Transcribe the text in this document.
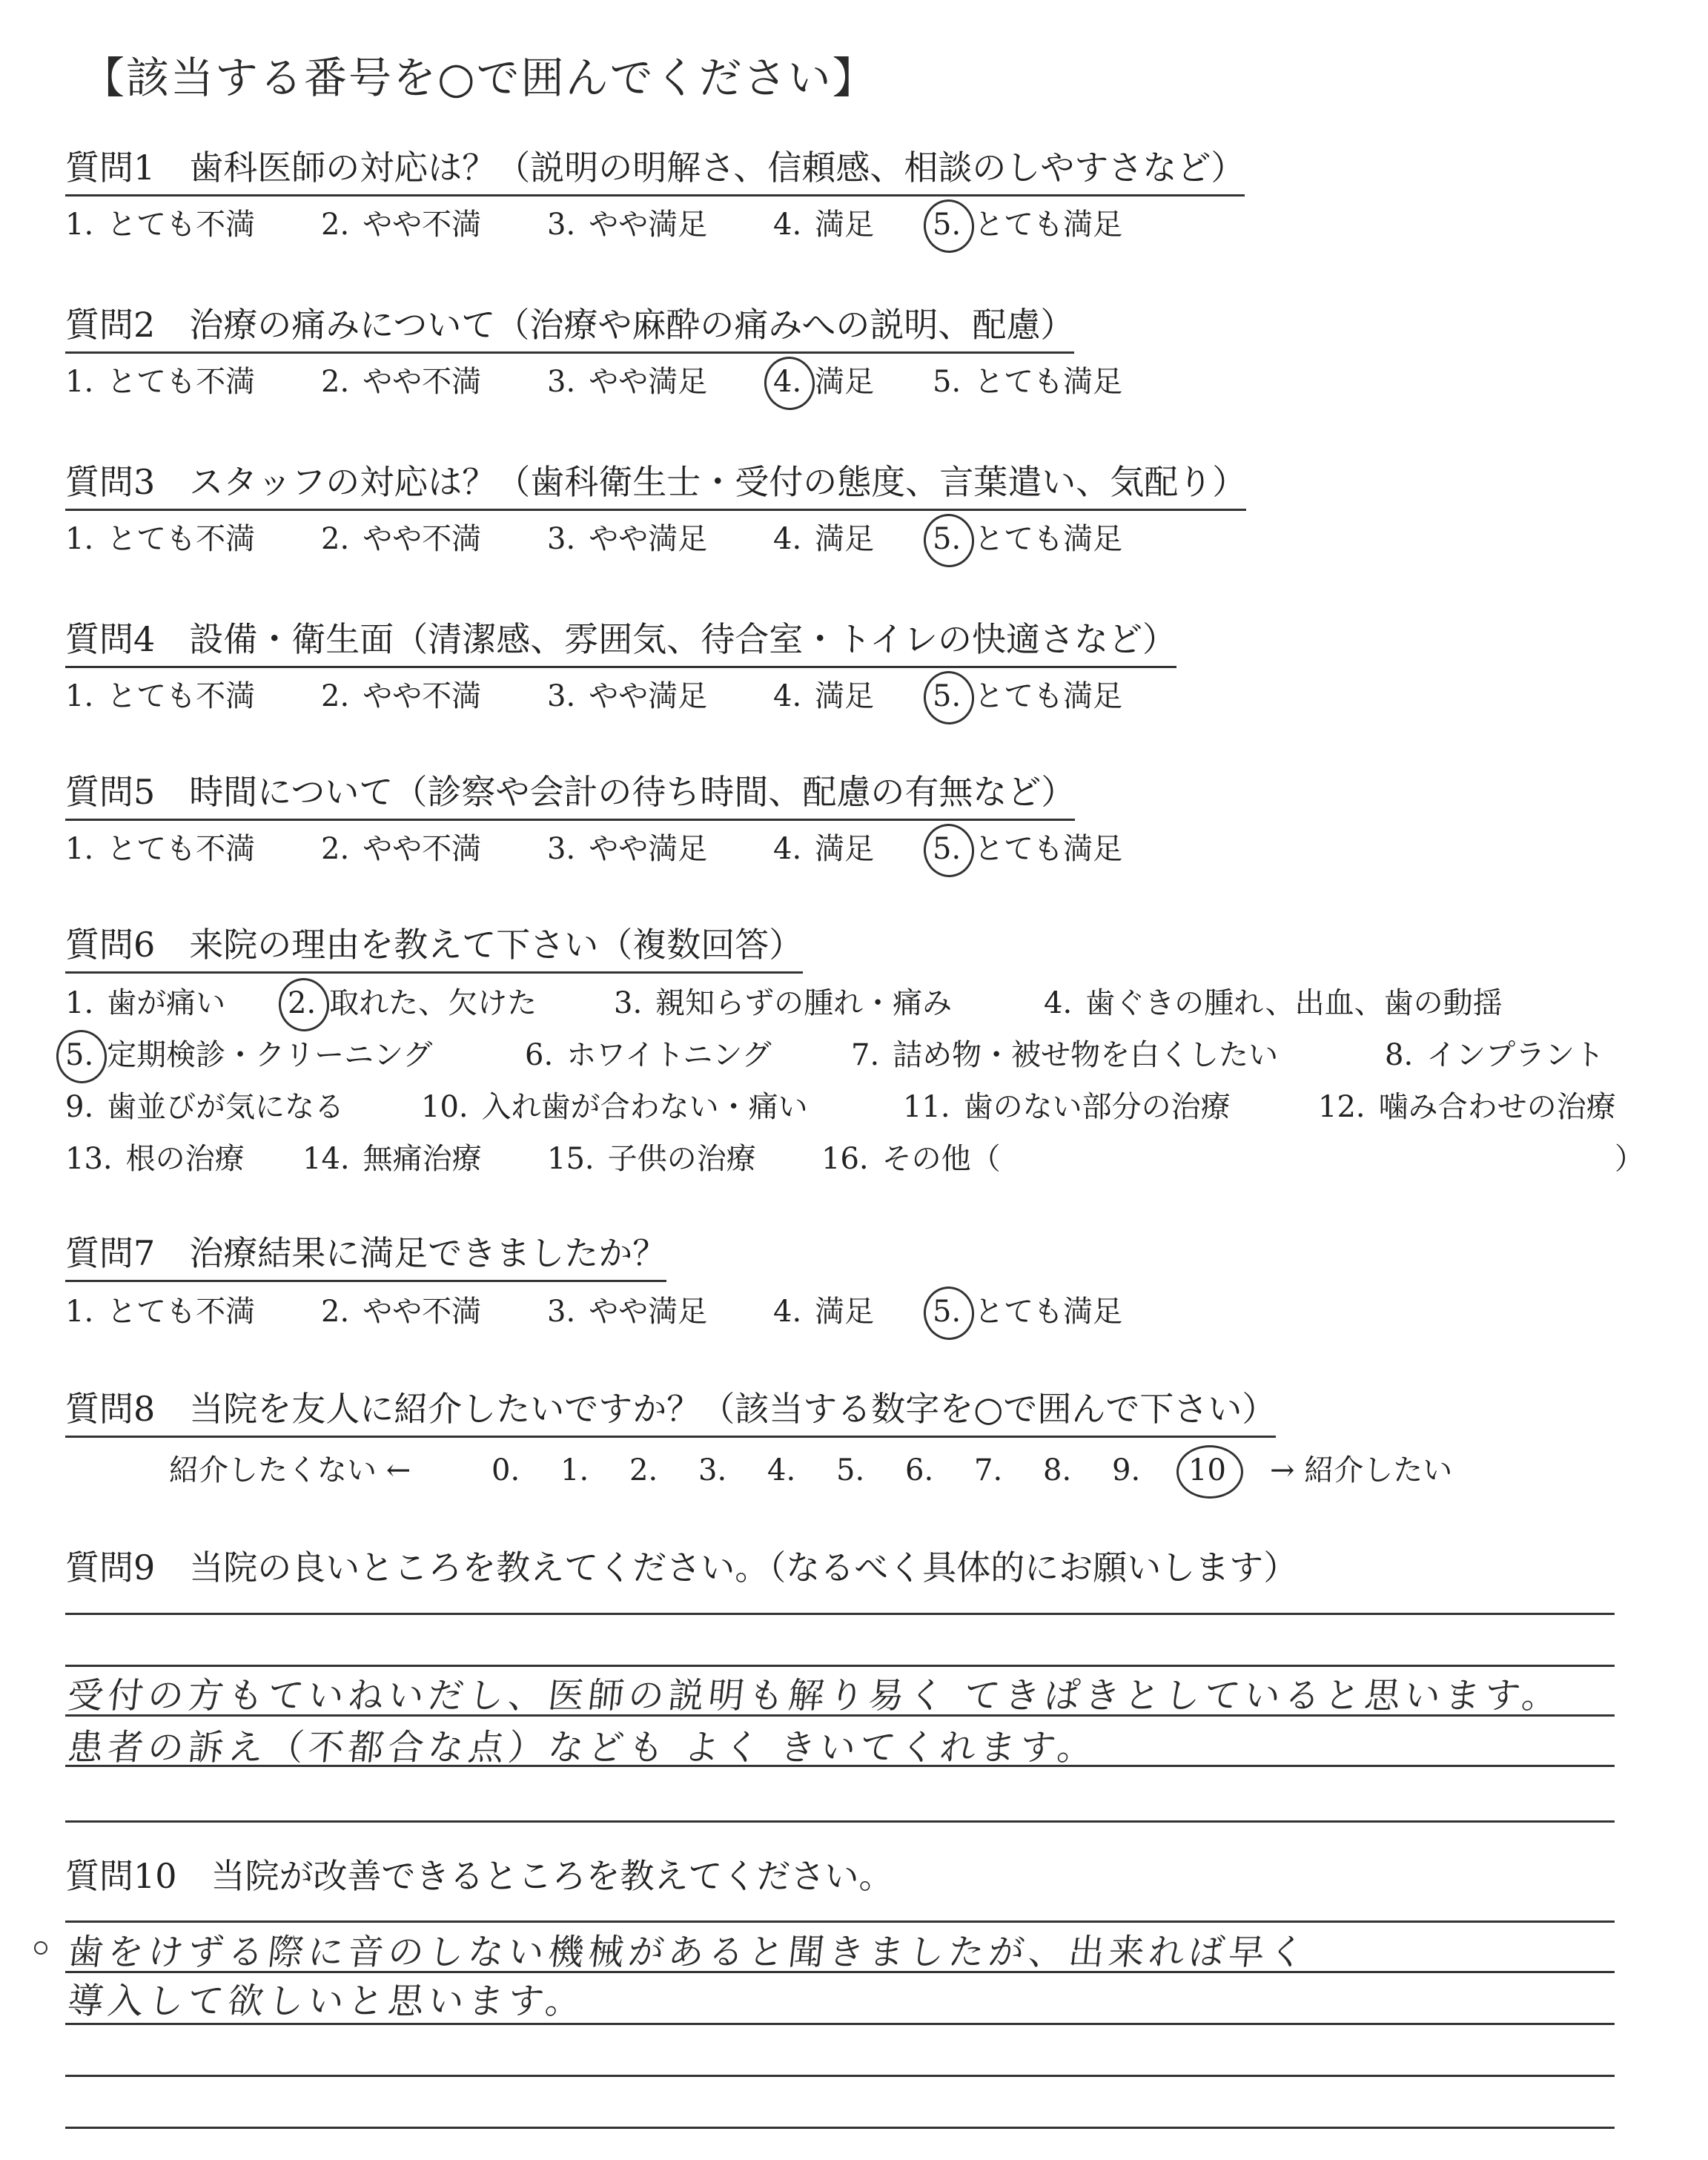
【該当する番号を○で囲んでください】
質問1　歯科医師の対応は？（説明の明解さ、信頼感、相談のしやすさなど）
1. とても不満 2. やや不満 3. やや満足 4. 満足 5. とても満足
質問2　治療の痛みについて（治療や麻酔の痛みへの説明、配慮）
1. とても不満 2. やや不満 3. やや満足 4. 満足 5. とても満足
質問3　スタッフの対応は？（歯科衛生士・受付の態度、言葉遣い、気配り）
1. とても不満 2. やや不満 3. やや満足 4. 満足 5. とても満足
質問4　設備・衛生面（清潔感、雰囲気、待合室・トイレの快適さなど）
1. とても不満 2. やや不満 3. やや満足 4. 満足 5. とても満足
質問5　時間について（診察や会計の待ち時間、配慮の有無など）
1. とても不満 2. やや不満 3. やや満足 4. 満足 5. とても満足
質問6　来院の理由を教えて下さい（複数回答）
1. 歯が痛い 2. 取れた、欠けた	3. 親知らずの腫れ・痛み	4. 歯ぐきの腫れ、出血、歯の動揺
5. 定期検診・クリーニング	6. ホワイトニング	7. 詰め物・被せ物を白くしたい	8. インプラント
9. 歯並びが気になる	10. 入れ歯が合わない・痛い	11. 歯のない部分の治療	12. 噛み合わせの治療
13. 根の治療 14. 無痛治療 15. 子供の治療 16. その他（	）
質問7　治療結果に満足できましたか？
1. とても不満 2. やや不満 3. やや満足 4. 満足 5. とても満足
質問8　当院を友人に紹介したいですか？（該当する数字を○で囲んで下さい）
紹介したくない ←	0. 1. 2. 3. 4. 5. 6. 7. 8. 9. 10 → 紹介したい
質問9　当院の良いところを教えてください。（なるべく具体的にお願いします）
受付の方もていねいだし、医師の説明も解り易く てきぱきとしていると思います。
患者の訴え（不都合な点）なども よく きいてくれます。
質問10　当院が改善できるところを教えてください。
歯をけずる際に音のしない機械があると聞きましたが、出来れば早く
導入して欲しいと思います。
